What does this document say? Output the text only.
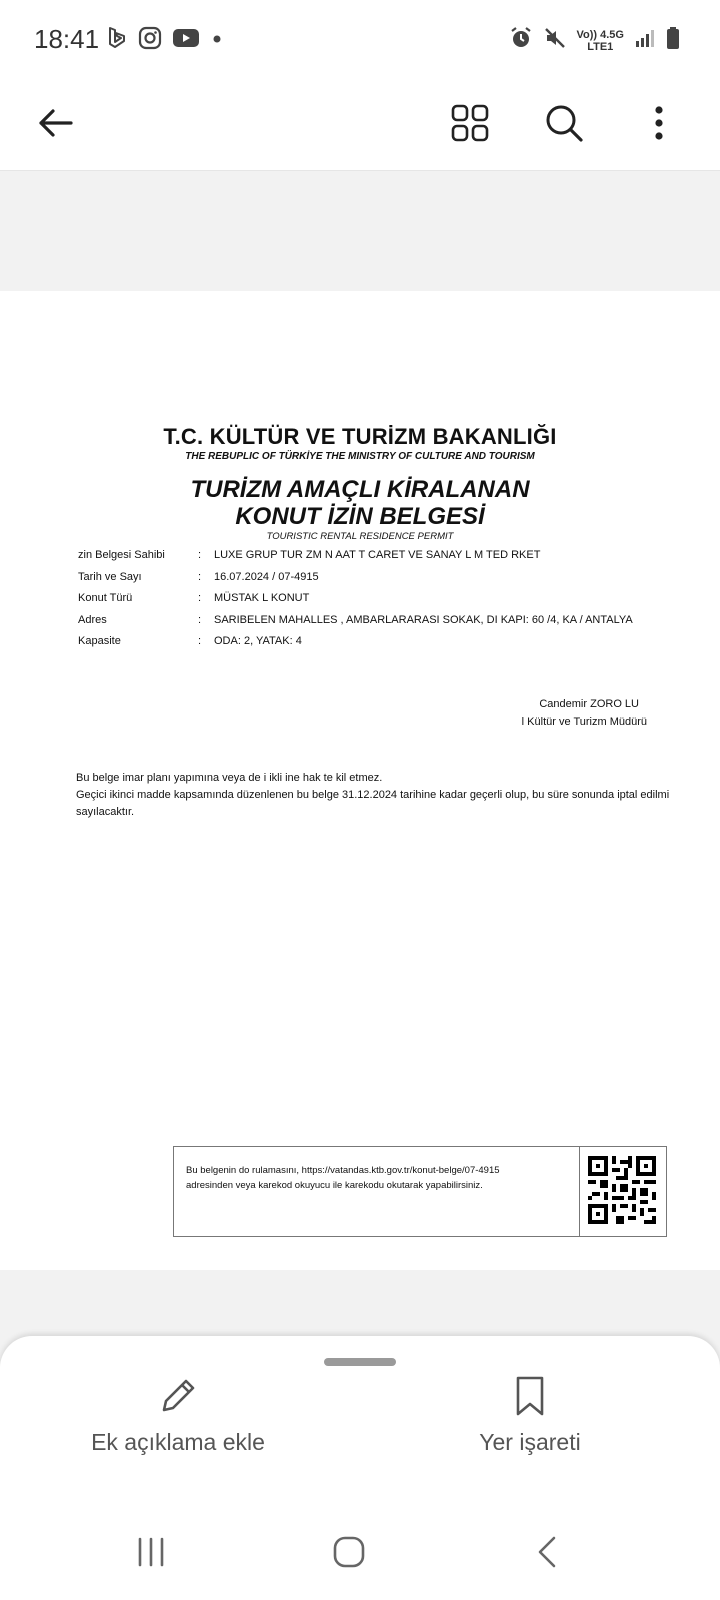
18:41	Vo)) 4.5G
LTE1
T.C. KÜLTÜR VE TURİZM BAKANLIĞI
THE REBUPLIC OF TÜRKİYE THE MINISTRY OF CULTURE AND TOURISM
TURİZM AMAÇLI KİRALANAN
KONUT İZİN BELGESİ
TOURISTIC RENTAL RESIDENCE PERMIT
zin Belgesi Sahibi	: LUXE GRUP TUR ZM N AAT T CARET VE SANAY L M TED RKET
Tarih ve Sayı	: 16.07.2024 / 07-4915
Konut Türü	: MÜSTAK L KONUT
Adres	: SARIBELEN MAHALLES , AMBARLARARASI SOKAK, DI KAPI: 60 /4, KA / ANTALYA
Kapasite	: ODA: 2, YATAK: 4
Candemir ZORO LU
l Kültür ve Turizm Müdürü
Bu belge imar planı yapımına veya de i ikli ine hak te kil etmez.
Geçici ikinci madde kapsamında düzenlenen bu belge 31.12.2024 tarihine kadar geçerli olup, bu süre sonunda iptal edilmi sayılacaktır.
Bu belgenin do rulamasını, https://vatandas.ktb.gov.tr/konut-belge/07-4915
adresinden veya karekod okuyucu ile karekodu okutarak yapabilirsiniz.
Ek açıklama ekle	Yer işareti
